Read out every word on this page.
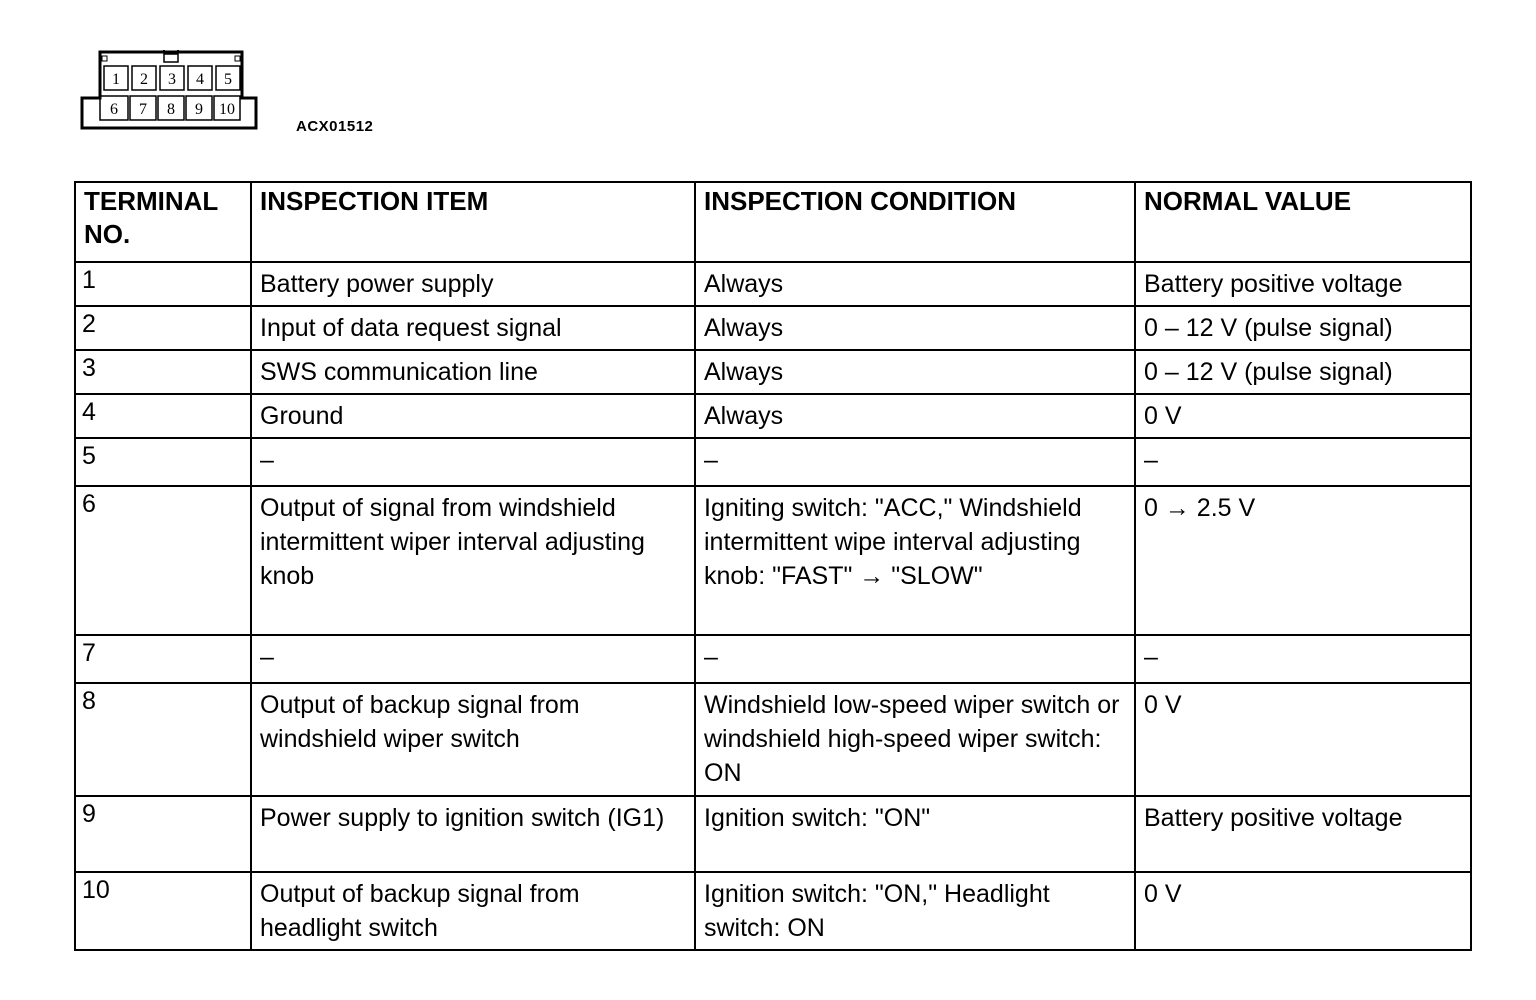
1 2 3 4 5
6 7 8 9 10
ACX01512
TERMINAL NO.	INSPECTION ITEM	INSPECTION CONDITION	NORMAL VALUE
1	Battery power supply	Always	Battery positive voltage
2	Input of data request signal	Always	0 – 12 V (pulse signal)
3	SWS communication line	Always	0 – 12 V (pulse signal)
4	Ground	Always	0 V
5	–	–	–
6	Output of signal from windshield intermittent wiper interval adjusting knob	Igniting switch: "ACC," Windshield intermittent wipe interval adjusting knob: "FAST" → "SLOW"	0 → 2.5 V
7	–	–	–
8	Output of backup signal from windshield wiper switch	Windshield low-speed wiper switch or windshield high-speed wiper switch: ON	0 V
9	Power supply to ignition switch (IG1)	Ignition switch: "ON"	Battery positive voltage
10	Output of backup signal from headlight switch	Ignition switch: "ON," Headlight switch: ON	0 V
